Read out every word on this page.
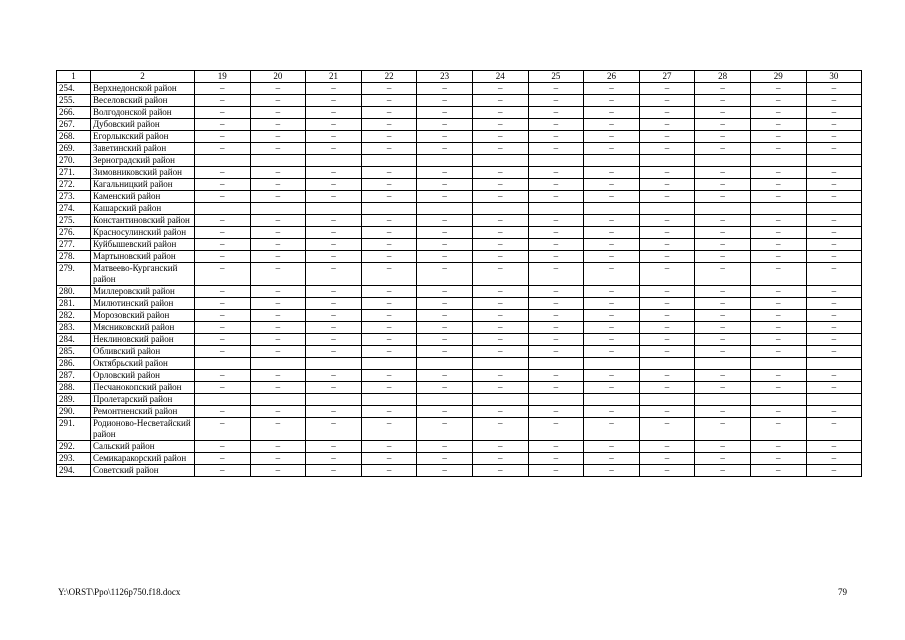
1	2	19	20	21	22	23	24	25	26	27	28	29	30
254.	Верхнедонской район	–	–	–	–	–	–	–	–	–	–	–	–
255.	Веселовский район	–	–	–	–	–	–	–	–	–	–	–	–
266.	Волгодонской район	–	–	–	–	–	–	–	–	–	–	–	–
267.	Дубовский район	–	–	–	–	–	–	–	–	–	–	–	–
268.	Егорлыкский район	–	–	–	–	–	–	–	–	–	–	–	–
269.	Заветинский район	–	–	–	–	–	–	–	–	–	–	–	–
270.	Зерноградский район												
271.	Зимовниковский район	–	–	–	–	–	–	–	–	–	–	–	–
272.	Кагальницкий район	–	–	–	–	–	–	–	–	–	–	–	–
273.	Каменский район	–	–	–	–	–	–	–	–	–	–	–	–
274.	Кашарский район												
275.	Константиновский район	–	–	–	–	–	–	–	–	–	–	–	–
276.	Красносулинский район	–	–	–	–	–	–	–	–	–	–	–	–
277.	Куйбышевский район	–	–	–	–	–	–	–	–	–	–	–	–
278.	Мартыновский район	–	–	–	–	–	–	–	–	–	–	–	–
279.	Матвеево-Курганский район	–	–	–	–	–	–	–	–	–	–	–	–
280.	Миллеровский район	–	–	–	–	–	–	–	–	–	–	–	–
281.	Милютинский район	–	–	–	–	–	–	–	–	–	–	–	–
282.	Морозовский район	–	–	–	–	–	–	–	–	–	–	–	–
283.	Мясниковский район	–	–	–	–	–	–	–	–	–	–	–	–
284.	Неклиновский район	–	–	–	–	–	–	–	–	–	–	–	–
285.	Обливский район	–	–	–	–	–	–	–	–	–	–	–	–
286.	Октябрьский район												
287.	Орловский район	–	–	–	–	–	–	–	–	–	–	–	–
288.	Песчанокопский район	–	–	–	–	–	–	–	–	–	–	–	–
289.	Пролетарский район												
290.	Ремонтненский район	–	–	–	–	–	–	–	–	–	–	–	–
291.	Родионово-Несветайский район	–	–	–	–	–	–	–	–	–	–	–	–
292.	Сальский район	–	–	–	–	–	–	–	–	–	–	–	–
293.	Семикаракорский район	–	–	–	–	–	–	–	–	–	–	–	–
294.	Советский район	–	–	–	–	–	–	–	–	–	–	–	–
Y:\ORST\Ppo\1126p750.f18.docx	79
